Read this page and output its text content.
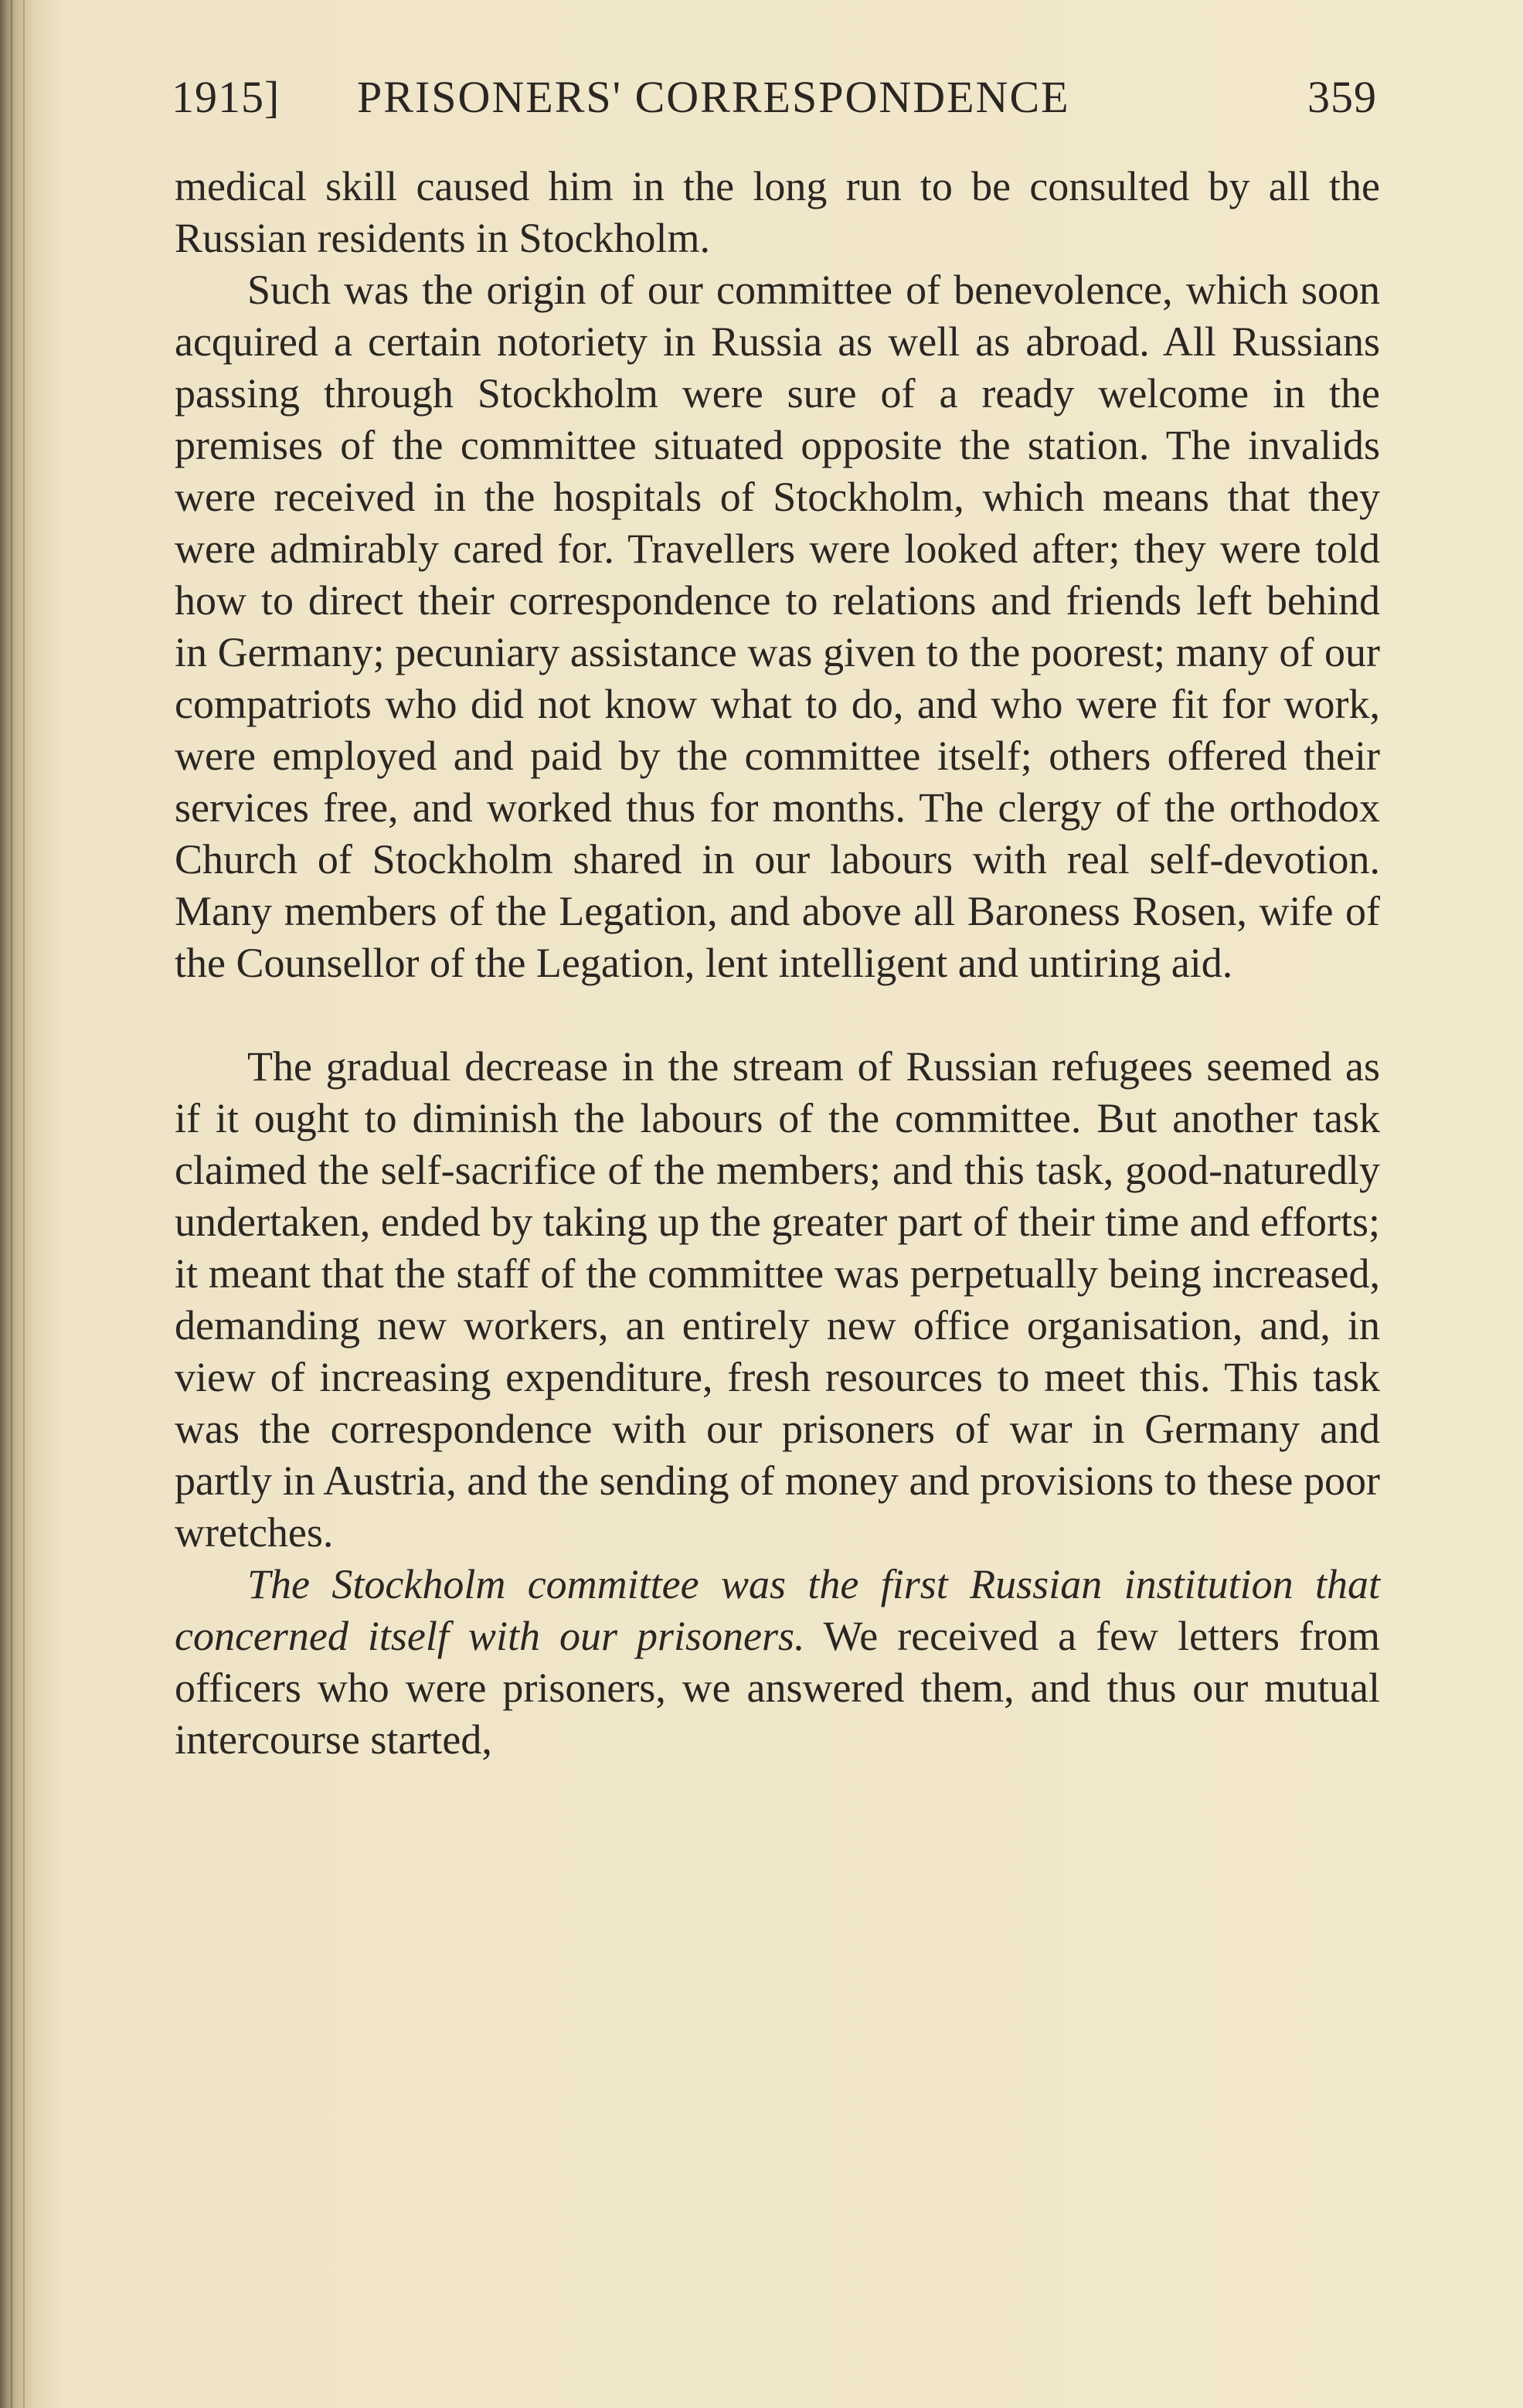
1915] PRISONERS' CORRESPONDENCE	359

medical skill caused him in the long run to be consulted by all the Russian residents in Stockholm.

Such was the origin of our committee of benevolence, which soon acquired a certain notoriety in Russia as well as abroad. All Russians passing through Stockholm were sure of a ready welcome in the premises of the committee situated opposite the station. The invalids were received in the hospitals of Stockholm, which means that they were admirably cared for. Travellers were looked after; they were told how to direct their correspondence to relations and friends left behind in Germany; pecuniary assistance was given to the poorest; many of our compatriots who did not know what to do, and who were fit for work, were employed and paid by the committee itself; others offered their services free, and worked thus for months. The clergy of the orthodox Church of Stockholm shared in our labours with real self-devotion. Many members of the Legation, and above all Baroness Rosen, wife of the Counsellor of the Legation, lent intelligent and untiring aid.

The gradual decrease in the stream of Russian refugees seemed as if it ought to diminish the labours of the committee. But another task claimed the self-sacrifice of the members; and this task, good-naturedly undertaken, ended by taking up the greater part of their time and efforts; it meant that the staff of the committee was perpetually being increased, demanding new workers, an entirely new office organisation, and, in view of increasing expenditure, fresh resources to meet this. This task was the correspondence with our prisoners of war in Germany and partly in Austria, and the sending of money and provisions to these poor wretches.

The Stockholm committee was the first Russian institution that concerned itself with our prisoners. We received a few letters from officers who were prisoners, we answered them, and thus our mutual intercourse started,
